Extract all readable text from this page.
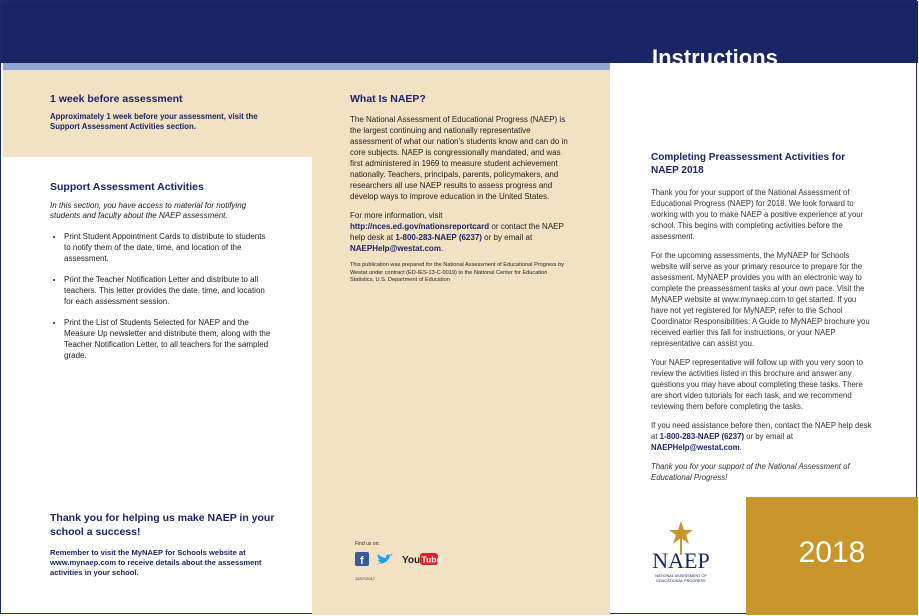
1 week before assessment
Approximately 1 week before your assessment, visit the Support Assessment Activities section.
Support Assessment Activities
In this section, you have access to material for notifying students and faculty about the NAEP assessment.
• Print Student Appointment Cards to distribute to students to notify them of the date, time, and location of the assessment.
• Print the Teacher Notification Letter and distribute to all teachers. This letter provides the date, time, and location for each assessment session.
• Print the List of Students Selected for NAEP and the Measure Up newsletter and distribute them, along with the Teacher Notification Letter, to all teachers for the sampled grade.
Thank you for helping us make NAEP in your school a success!
Remember to visit the MyNAEP for Schools website at www.mynaep.com to receive details about the assessment activities in your school.
What Is NAEP?

The National Assessment of Educational Progress (NAEP) is the largest continuing and nationally representative assessment of what our nation’s students know and can do in core subjects. NAEP is congressionally mandated, and was first administered in 1969 to measure student achievement nationally. Teachers, principals, parents, policymakers, and researchers all use NAEP results to assess progress and develop ways to improve education in the United States.

For more information, visit http://nces.ed.gov/nationsreportcard or contact the NAEP help desk at 1-800-283-NAEP (6237) or by email at NAEPHelp@westat.com.

This publication was prepared for the National Assessment of Educational Progress by Westat under contract (ED-IES-13-C-0019) to the National Center for Education Statistics, U.S. Department of Education
Find us on:
f
	You Tube
12/07/2017
Instructions
for the School Coordinator
Completing Preassessment Activities for NAEP 2018

Thank you for your support of the National Assessment of Educational Progress (NAEP) for 2018. We look forward to working with you to make NAEP a positive experience at your school. This begins with completing activities before the assessment.

For the upcoming assessments, the MyNAEP for Schools website will serve as your primary resource to prepare for the assessment. MyNAEP provides you with an electronic way to complete the preassessment tasks at your own pace. Visit the MyNAEP website at www.mynaep.com to get started. If you have not yet registered for MyNAEP, refer to the School Coordinator Responsibilities: A Guide to MyNAEP brochure you received earlier this fall for instructions, or your NAEP representative can assist you.

Your NAEP representative will follow up with you very soon to review the activities listed in this brochure and answer any questions you may have about completing these tasks. There are short video tutorials for each task, and we recommend reviewing them before completing the tasks.

If you need assistance before then, contact the NAEP help desk at 1-800-283-NAEP (6237) or by email at NAEPHelp@westat.com.

Thank you for your support of the National Assessment of Educational Progress!

NAEP
NATIONAL ASSESSMENT OF EDUCATIONAL PROGRESS
2018
